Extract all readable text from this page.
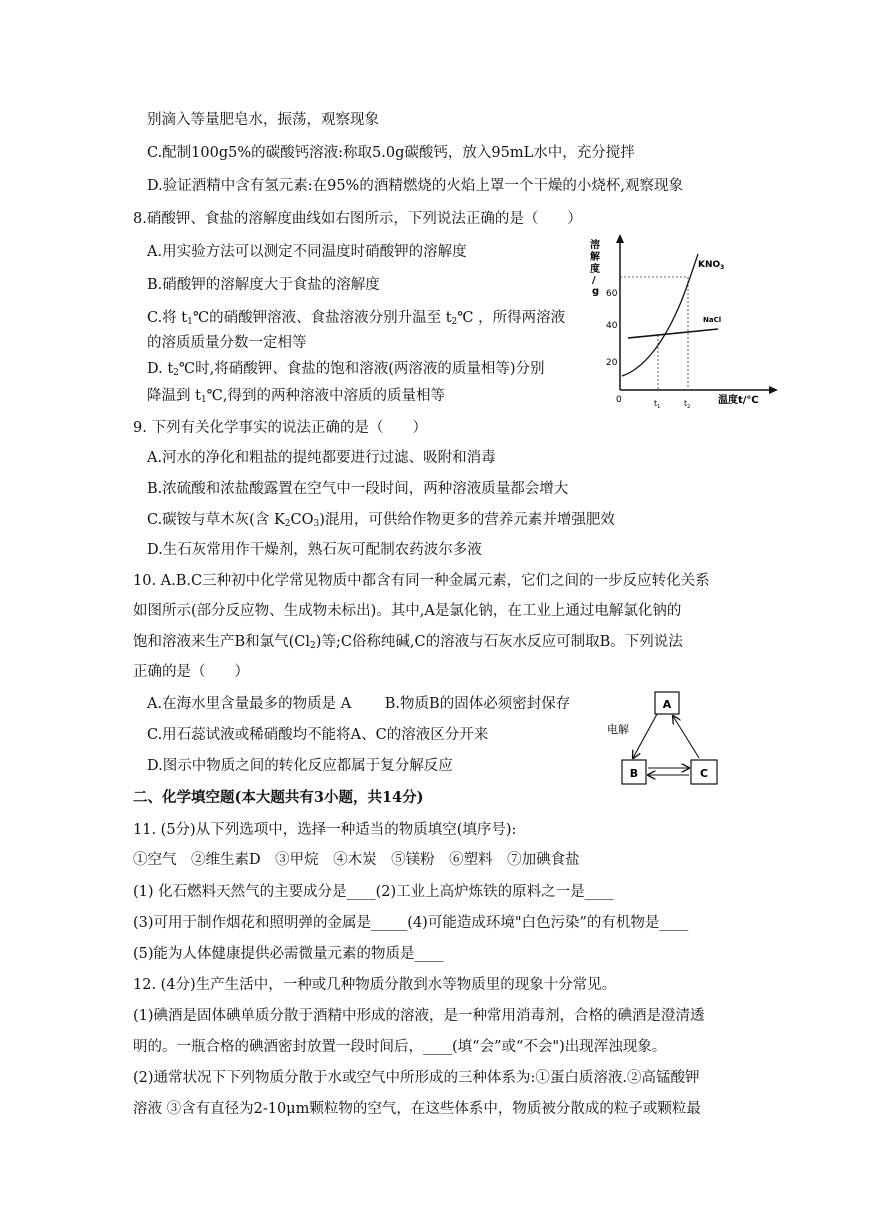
别滴入等量肥皂水，振荡，观察现象
C.配制100g5%的碳酸钙溶液:称取5.0g碳酸钙，放入95mL水中，充分搅拌
D.验证酒精中含有氢元素:在95%的酒精燃烧的火焰上罩一个干燥的小烧杯,观察现象
8.硝酸钾、食盐的溶解度曲线如右图所示，下列说法正确的是（　　）
A.用实验方法可以测定不同温度时硝酸钾的溶解度
B.硝酸钾的溶解度大于食盐的溶解度
C.将 $t_1℃$的硝酸钾溶液、食盐溶液分别升温至 $t_2℃$ ，所得两溶液
的溶质质量分数一定相等
D. $t_2℃$时,将硝酸钾、食盐的饱和溶液(两溶液的质量相等)分别
降温到 $t_1℃$,得到的两种溶液中溶质的质量相等
溶
解
度
/
g 60
40
20
0
$KNO_3$
NaCl
$t_1$	$t_2$
温度t/℃
9. 下列有关化学事实的说法正确的是（　　）
A.河水的净化和粗盐的提纯都要进行过滤、吸附和消毒
B.浓硫酸和浓盐酸露置在空气中一段时间，两种溶液质量都会增大
C.碳铵与草木灰(含 $K_2CO_3$)混用，可供给作物更多的营养元素并增强肥效
D.生石灰常用作干燥剂，熟石灰可配制农药波尔多液
10. A.B.C三种初中化学常见物质中都含有同一种金属元素，它们之间的一步反应转化关系
如图所示(部分反应物、生成物未标出)。其中,A是氯化钠，在工业上通过电解氯化钠的
饱和溶液来生产B和氯气$(Cl_2)$等;C俗称纯碱,C的溶液与石灰水反应可制取B。下列说法
正确的是（　　）
A.在海水里含量最多的物质是 A　　 B.物质B的固体必须密封保存
C.用石蕊试液或稀硝酸均不能将A、C的溶液区分开来
D.图示中物质之间的转化反应都属于复分解反应
A
B	C
电解
二、化学填空题(本大题共有3小题，共14分)
11. (5分)从下列选项中，选择一种适当的物质填空(填序号):
①空气　②维生素D　③甲烷　④木炭　⑤镁粉　⑥塑料　⑦加碘食盐
(1) 化石燃料天然气的主要成分是____(2)工业上高炉炼铁的原料之一是____
(3)可用于制作烟花和照明弹的金属是_____(4)可能造成环境"白色污染”的有机物是____
(5)能为人体健康提供必需微量元素的物质是____
12. (4分)生产生活中，一种或几种物质分散到水等物质里的现象十分常见。
(1)碘酒是固体碘单质分散于酒精中形成的溶液，是一种常用消毒剂，合格的碘酒是澄清透
明的。一瓶合格的碘酒密封放置一段时间后，____(填“会”或“不会")出现浑浊现象。
(2)通常状况下下列物质分散于水或空气中所形成的三种体系为:①蛋白质溶液.②高锰酸钾
溶液 ③含有直径为2-10μm颗粒物的空气，在这些体系中，物质被分散成的粒子或颗粒最
